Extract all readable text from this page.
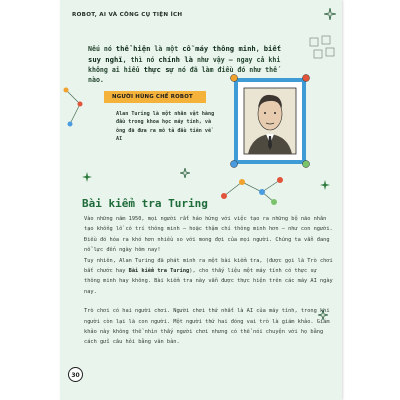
ROBOT, AI VÀ CÔNG CỤ TIỆN ÍCH

Nếu nó thể hiện là một cỗ máy thông minh, biết suy nghĩ, thì nó chính là như vậy – ngay cả khi không ai hiểu thực sự nó đã làm điều đó như thế nào.

NGƯỜI HÙNG CHẾ ROBOT

Alan Turing là một nhân vật hàng đầu trong khoa học máy tính, và ông đã đưa ra mô tả đầu tiên về AI

Bài kiểm tra Turing

Vào những năm 1950, mọi người rất háo hứng với việc tạo ra những bộ não nhân tạo khổng lồ có trí thông minh – hoặc thậm chí thông minh hơn – như con người. Điều đó hóa ra khó hơn nhiều so với mong đợi của mọi người. Chúng ta vẫn đang nỗ lực đến ngày hôm nay!

Tuy nhiên, Alan Turing đã phát minh ra một bài kiểm tra, (được gọi là Trò chơi bắt chước hay Bài kiểm tra Turing), cho thấy liệu một máy tính có thực sự thông minh hay không. Bài kiểm tra này vẫn được thực hiện trên các máy AI ngày nay.

Trò chơi có hai người chơi. Người chơi thứ nhất là AI của máy tính, trong khi người còn lại là con người. Một người thứ hai đóng vai trò là giám khảo. Giám khảo này không thể nhìn thấy người chơi nhưng có thể nói chuyện với họ bằng cách gửi câu hỏi bằng văn bản.

30
